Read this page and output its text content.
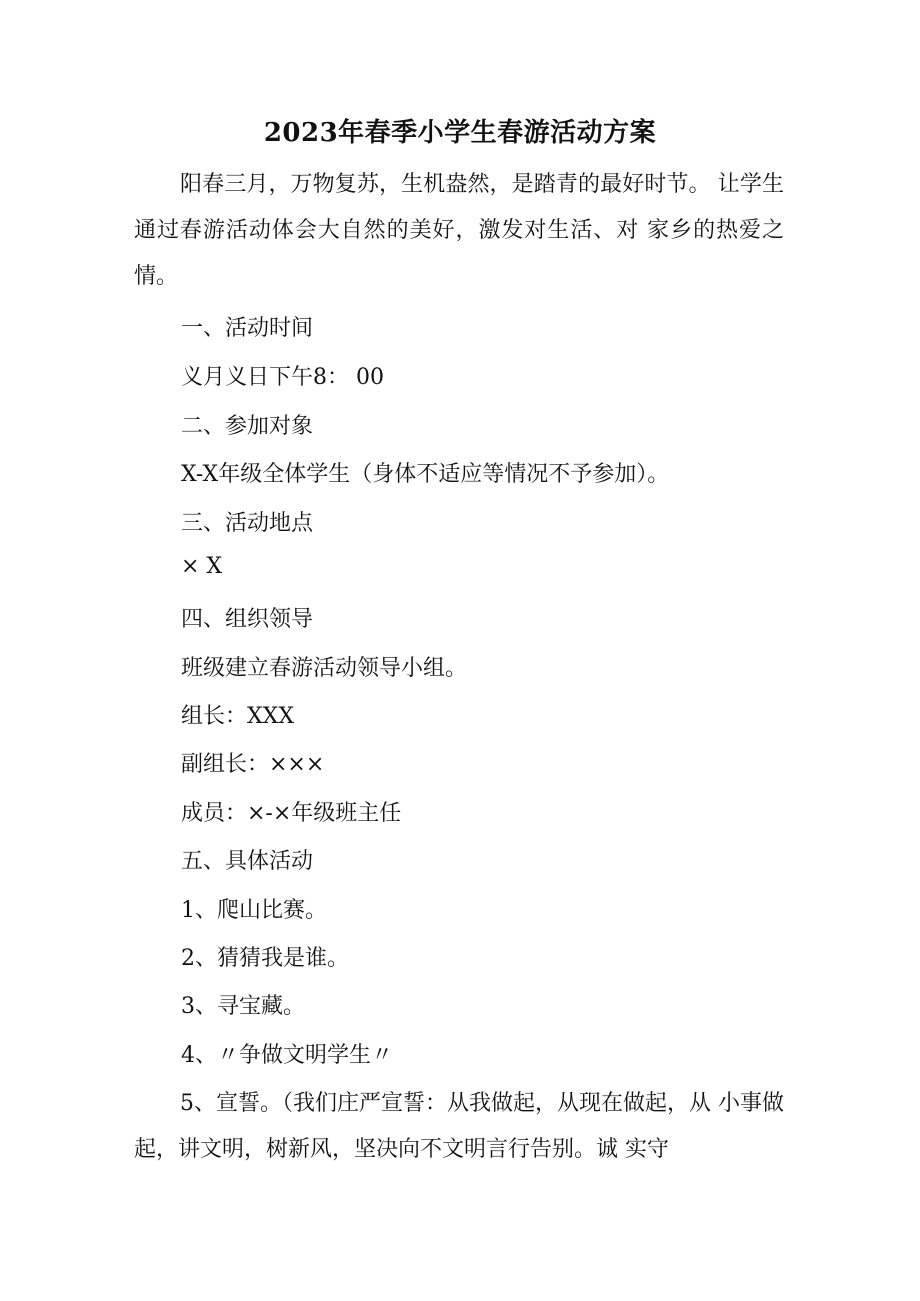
2023年春季小学生春游活动方案
阳春三月，万物复苏，生机盎然，是踏青的最好时节。 让学生通过春游活动体会大自然的美好，激发对生活、对 家乡的热爱之情。
一、活动时间
义月义日下午8： 00
二、参加对象
X-X年级全体学生（身体不适应等情况不予参加）。
三、活动地点
× X
四、组织领导
班级建立春游活动领导小组。
组长：XXX
副组长：×××
成员：×-×年级班主任
五、具体活动
1、爬山比赛。
2、猜猜我是谁。
3、寻宝藏。
4、〃争做文明学生〃
5、宣誓。（我们庄严宣誓：从我做起，从现在做起，从 小事做起，讲文明，树新风，坚决向不文明言行告别。诚 实守
